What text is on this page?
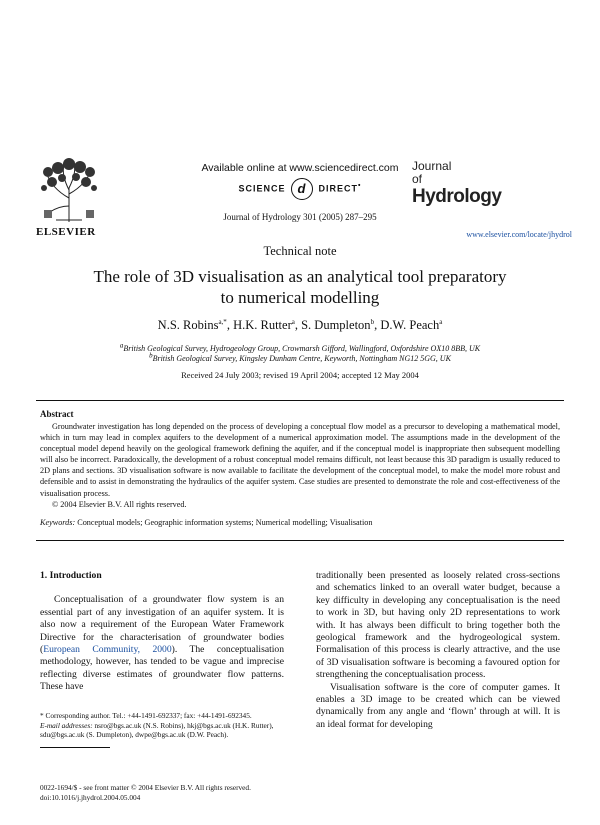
ELSEVIER
Available online at www.sciencedirect.com
SCIENCE d DIRECT•
Journal of Hydrology 301 (2005) 287–295
Journal
of
Hydrology
www.elsevier.com/locate/jhydrol
Technical note
The role of 3D visualisation as an analytical tool preparatory
to numerical modelling
N.S. Robins$^{a,*}$, H.K. Rutter$^a$, S. Dumpleton$^b$, D.W. Peach$^a$
$^a$British Geological Survey, Hydrogeology Group, Crowmarsh Gifford, Wallingford, Oxfordshire OX10 8BB, UK
$^b$British Geological Survey, Kingsley Dunham Centre, Keyworth, Nottingham NG12 5GG, UK
Received 24 July 2003; revised 19 April 2004; accepted 12 May 2004
Abstract

Groundwater investigation has long depended on the process of developing a conceptual flow model as a precursor to developing a mathematical model, which in turn may lead in complex aquifers to the development of a numerical approximation model. The assumptions made in the development of the conceptual model depend heavily on the geological framework defining the aquifer, and if the conceptual model is inappropriate then subsequent modelling will also be incorrect. Paradoxically, the development of a robust conceptual model remains difficult, not least because this 3D paradigm is usually reduced to 2D plans and sections. 3D visualisation software is now available to facilitate the development of the conceptual model, to make the model more robust and defensible and to assist in demonstrating the hydraulics of the aquifer system. Case studies are presented to demonstrate the role and cost-effectiveness of the visualisation process.

© 2004 Elsevier B.V. All rights reserved.

Keywords: Conceptual models; Geographic information systems; Numerical modelling; Visualisation
1. Introduction

Conceptualisation of a groundwater flow system is an essential part of any investigation of an aquifer system. It is also now a requirement of the European Water Framework Directive for the characterisation of groundwater bodies (European Community, 2000). The conceptualisation methodology, however, has tended to be vague and imprecise reflecting diverse estimates of groundwater flow patterns. These have

traditionally been presented as loosely related cross-sections and schematics linked to an overall water budget, because a key difficulty in developing any conceptualisation is the need to work in 3D, but having only 2D representations to work with. It has always been difficult to bring together both the geological framework and the hydrogeological system. Formalisation of this process is clearly attractive, and the use of 3D visualisation software is becoming a favoured option for strengthening the conceptualisation process.

Visualisation software is the core of computer games. It enables a 3D image to be created which can be viewed dynamically from any angle and ‘flown’ through at will. It is an ideal format for developing

* Corresponding author. Tel.: +44-1491-692337; fax: +44-1491-692345.
E-mail addresses: nsro@bgs.ac.uk (N.S. Robins), hkj@bgs.ac.uk (H.K. Rutter), sdu@bgs.ac.uk (S. Dumpleton), dwpe@bgs.ac.uk (D.W. Peach).
0022-1694/$ - see front matter © 2004 Elsevier B.V. All rights reserved.
doi:10.1016/j.jhydrol.2004.05.004
